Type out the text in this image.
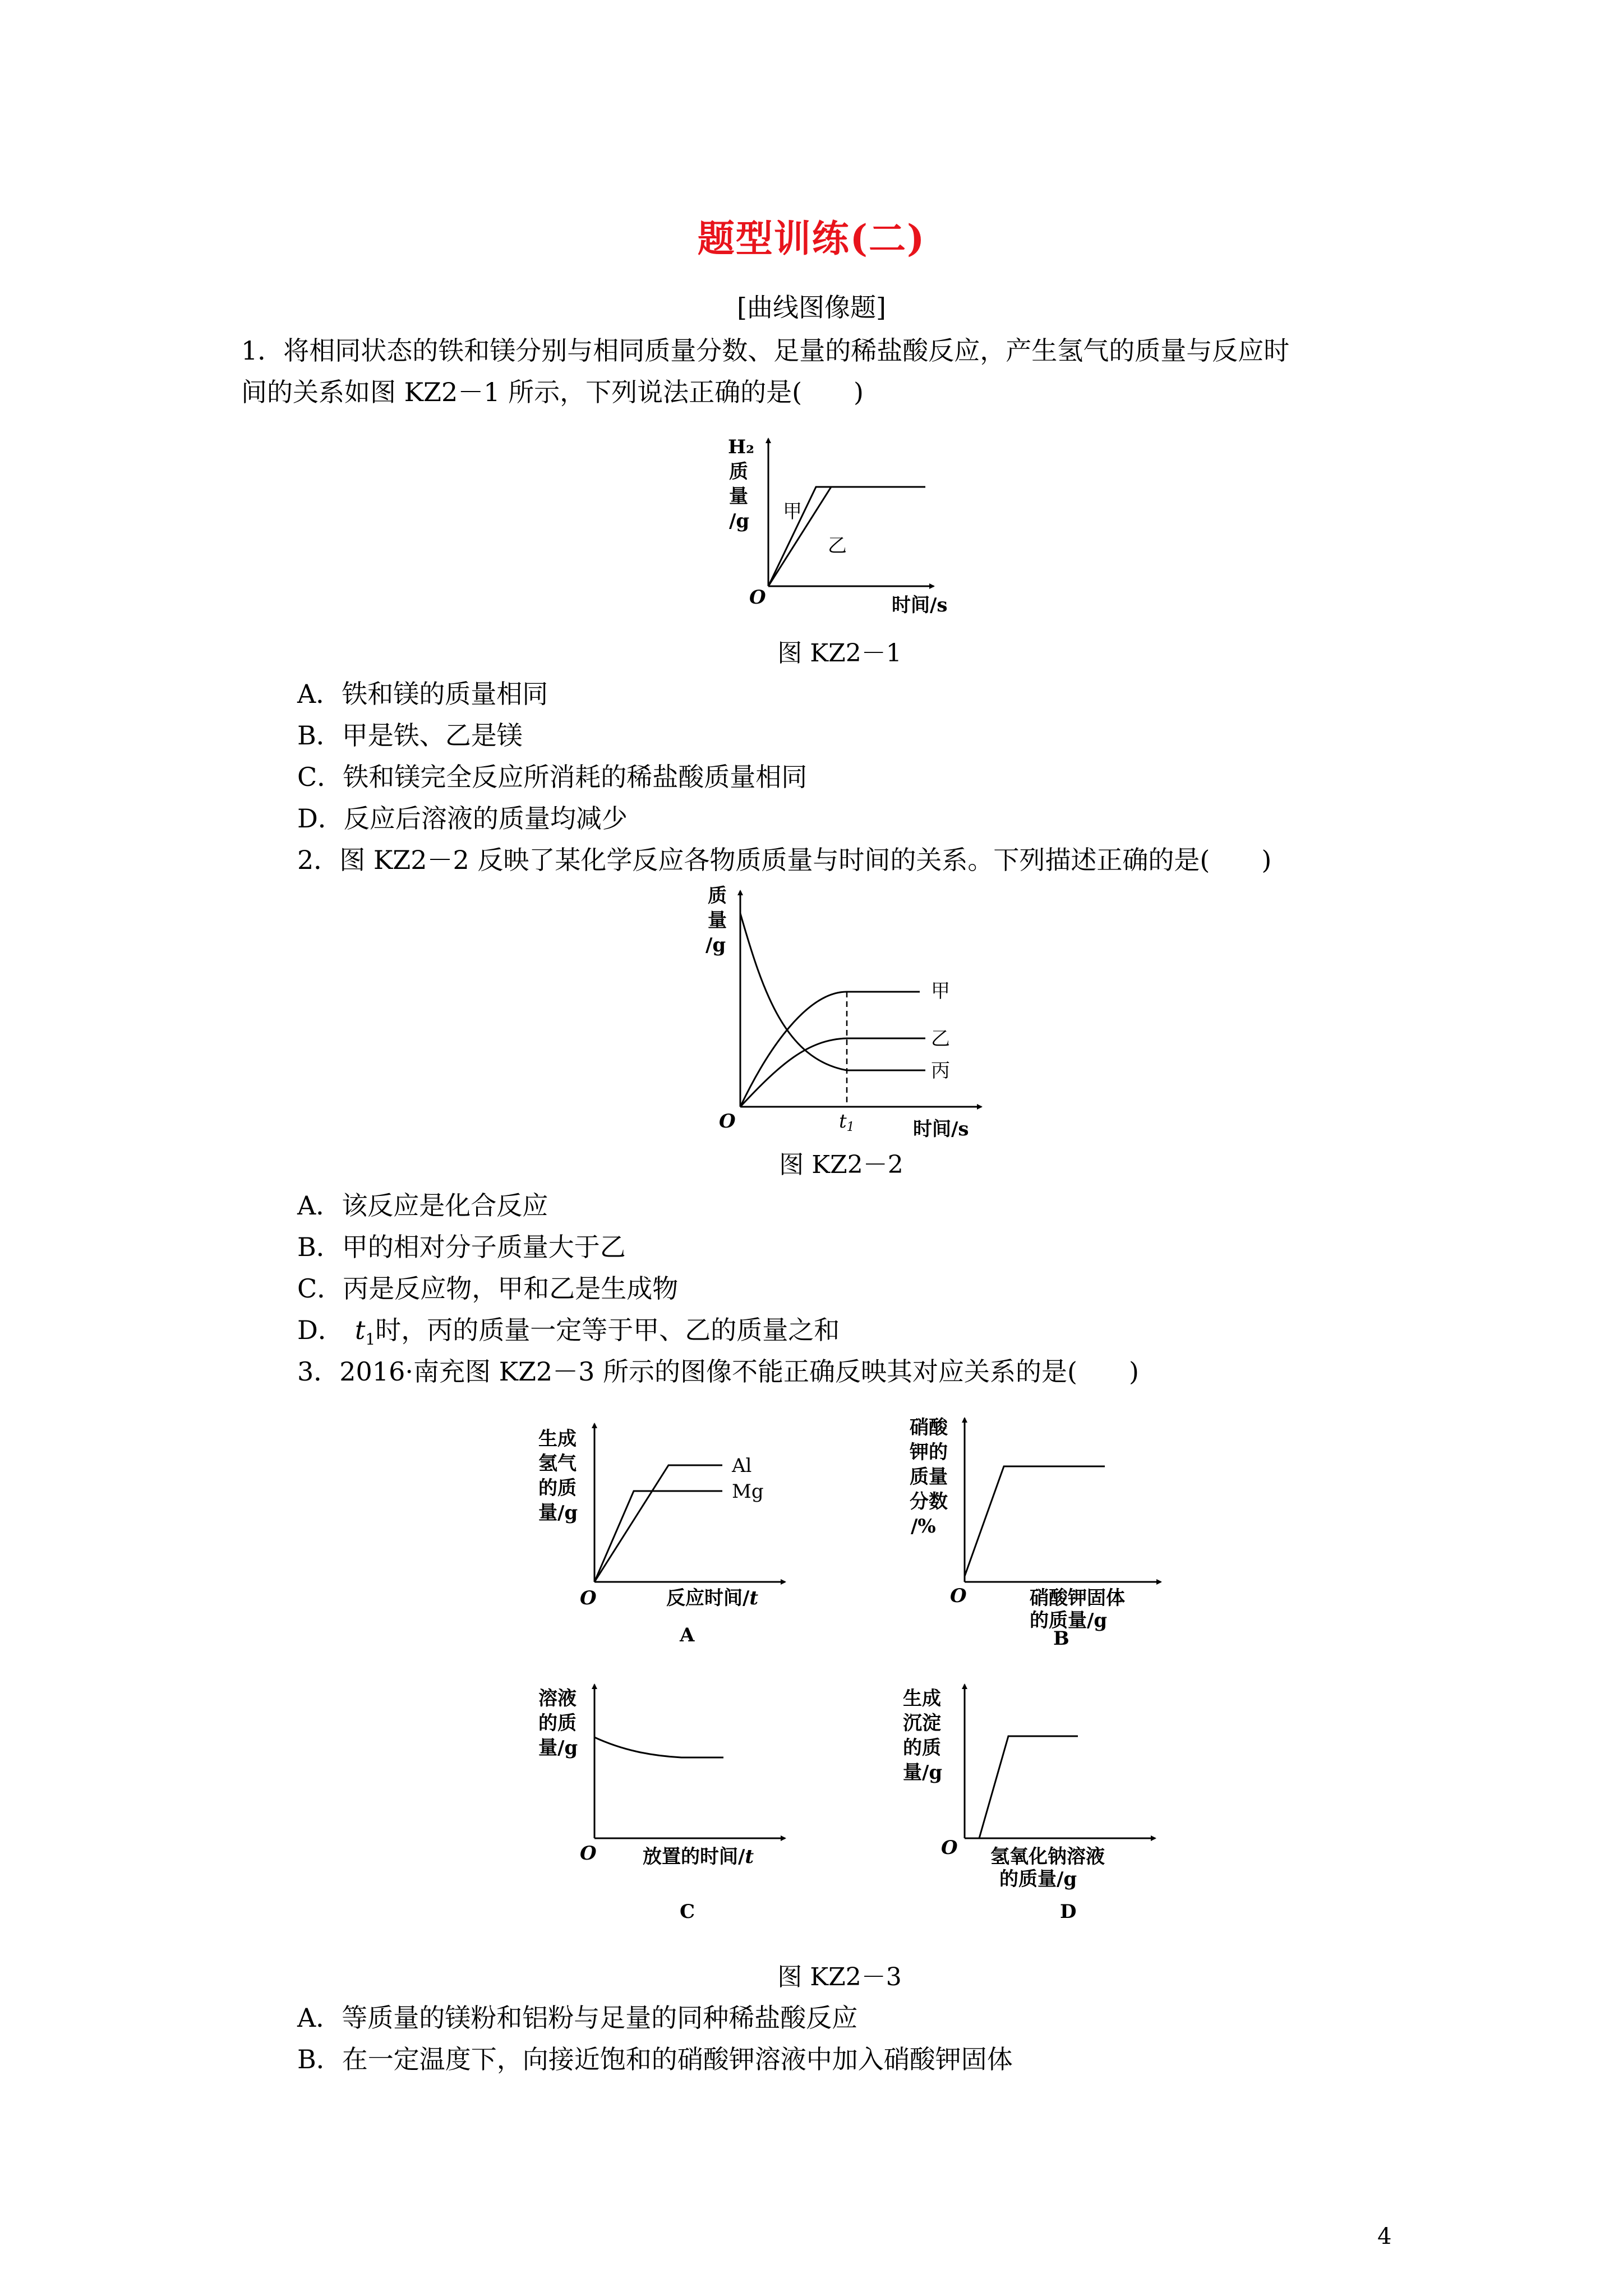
题型训练(二)
[曲线图像题]
1．将相同状态的铁和镁分别与相同质量分数、足量的稀盐酸反应，产生氢气的质量与反应时
间的关系如图 KZ2－1 所示，下列说法正确的是(　　)
H₂
质
量
/g 甲
乙
O	时间/s
图 KZ2－1
A．铁和镁的质量相同
B．甲是铁、乙是镁
C．铁和镁完全反应所消耗的稀盐酸质量相同
D．反应后溶液的质量均减少
2．图 KZ2－2 反映了某化学反应各物质质量与时间的关系。下列描述正确的是(　　)
质
量
/g
甲
乙
丙
O	t1	时间/s
图 KZ2－2
A．该反应是化合反应
B．甲的相对分子质量大于乙
C．丙是反应物，甲和乙是生成物
D． $t_1$时，丙的质量一定等于甲、乙的质量之和
3．2016·南充图 KZ2－3 所示的图像不能正确反映其对应关系的是(　　)
生成
氢气
的质
量/g
Al
Mg
O	反应时间/t
A
硝酸
钾的
质量
分数
/%
O	硝酸钾固体
的质量/g
B
溶液
的质
量/g
O 放置的时间/t
C
生成
沉淀
的质
量/g
O 氢氧化钠溶液
的质量/g
D
图 KZ2－3
A．等质量的镁粉和铝粉与足量的同种稀盐酸反应
B．在一定温度下，向接近饱和的硝酸钾溶液中加入硝酸钾固体
4
